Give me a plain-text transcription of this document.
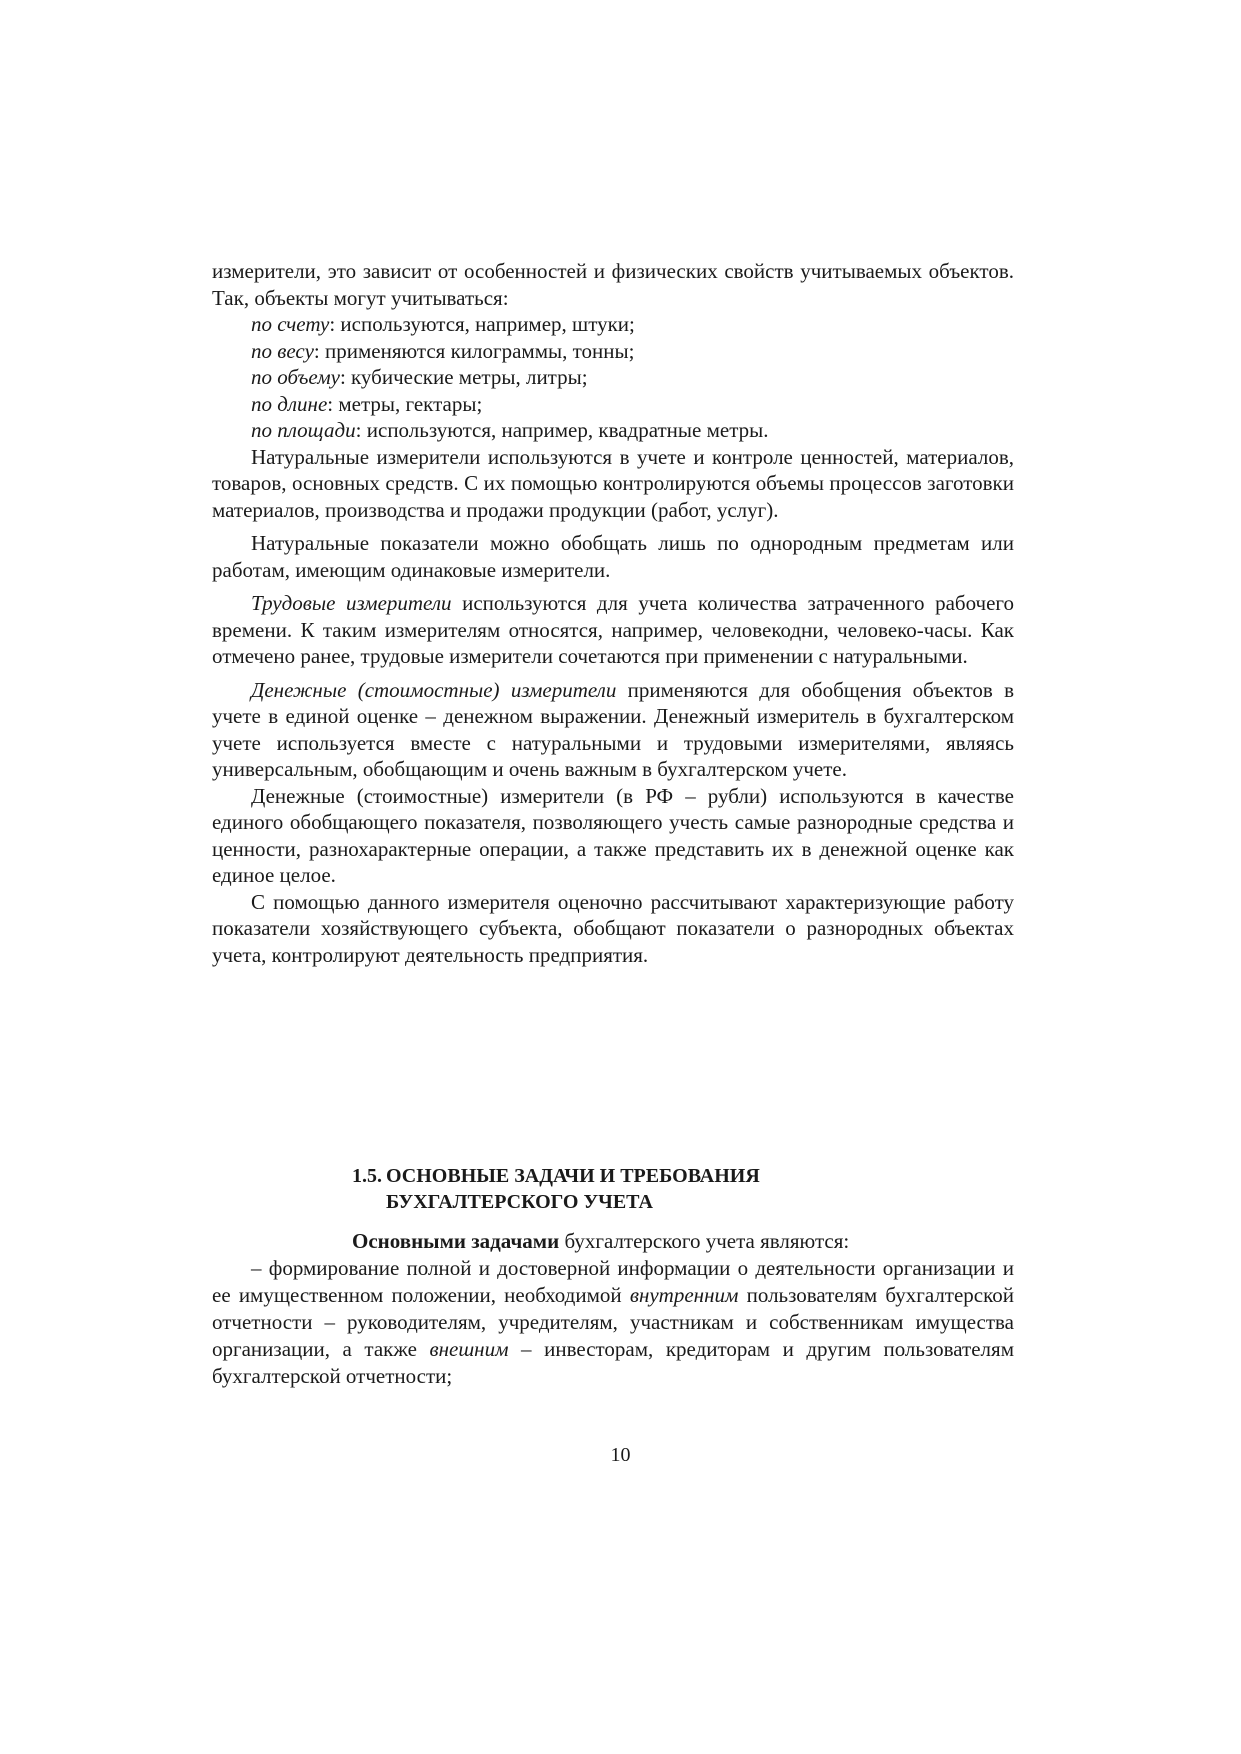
измерители, это зависит от особенностей и физических свойств учитываемых объектов. Так, объекты могут учитываться:

по счету: используются, например, штуки;

по весу: применяются килограммы, тонны;

по объему: кубические метры, литры;

по длине: метры, гектары;

по площади: используются, например, квадратные метры.

Натуральные измерители используются в учете и контроле ценностей, материалов, товаров, основных средств. С их помощью контролируются объемы процессов заготовки материалов, производства и продажи продукции (работ, услуг).

Натуральные показатели можно обобщать лишь по однородным предметам или работам, имеющим одинаковые измерители.

Трудовые измерители используются для учета количества затраченного рабочего времени. К таким измерителям относятся, например, человекодни, человеко-часы. Как отмечено ранее, трудовые измерители сочетаются при применении с натуральными.

Денежные (стоимостные) измерители применяются для обобщения объектов в учете в единой оценке – денежном выражении. Денежный измеритель в бухгалтерском учете используется вместе с натуральными и трудовыми измерителями, являясь универсальным, обобщающим и очень важным в бухгалтерском учете.

Денежные (стоимостные) измерители (в РФ – рубли) используются в качестве единого обобщающего показателя, позволяющего учесть самые разнородные средства и ценности, разнохарактерные операции, а также представить их в денежной оценке как единое целое.

С помощью данного измерителя оценочно рассчитывают характеризующие работу показатели хозяйствующего субъекта, обобщают показатели о разнородных объектах учета, контролируют деятельность предприятия.

1.5. ОСНОВНЫЕ ЗАДАЧИ И ТРЕБОВАНИЯ
БУХГАЛТЕРСКОГО УЧЕТА

Основными задачами бухгалтерского учета являются:

– формирование полной и достоверной информации о деятельности организации и ее имущественном положении, необходимой внутренним пользователям бухгалтерской отчетности – руководителям, учредителям, участникам и собственникам имущества организации, а также внешним – инвесторам, кредиторам и другим пользователям бухгалтерской отчетности;

10
